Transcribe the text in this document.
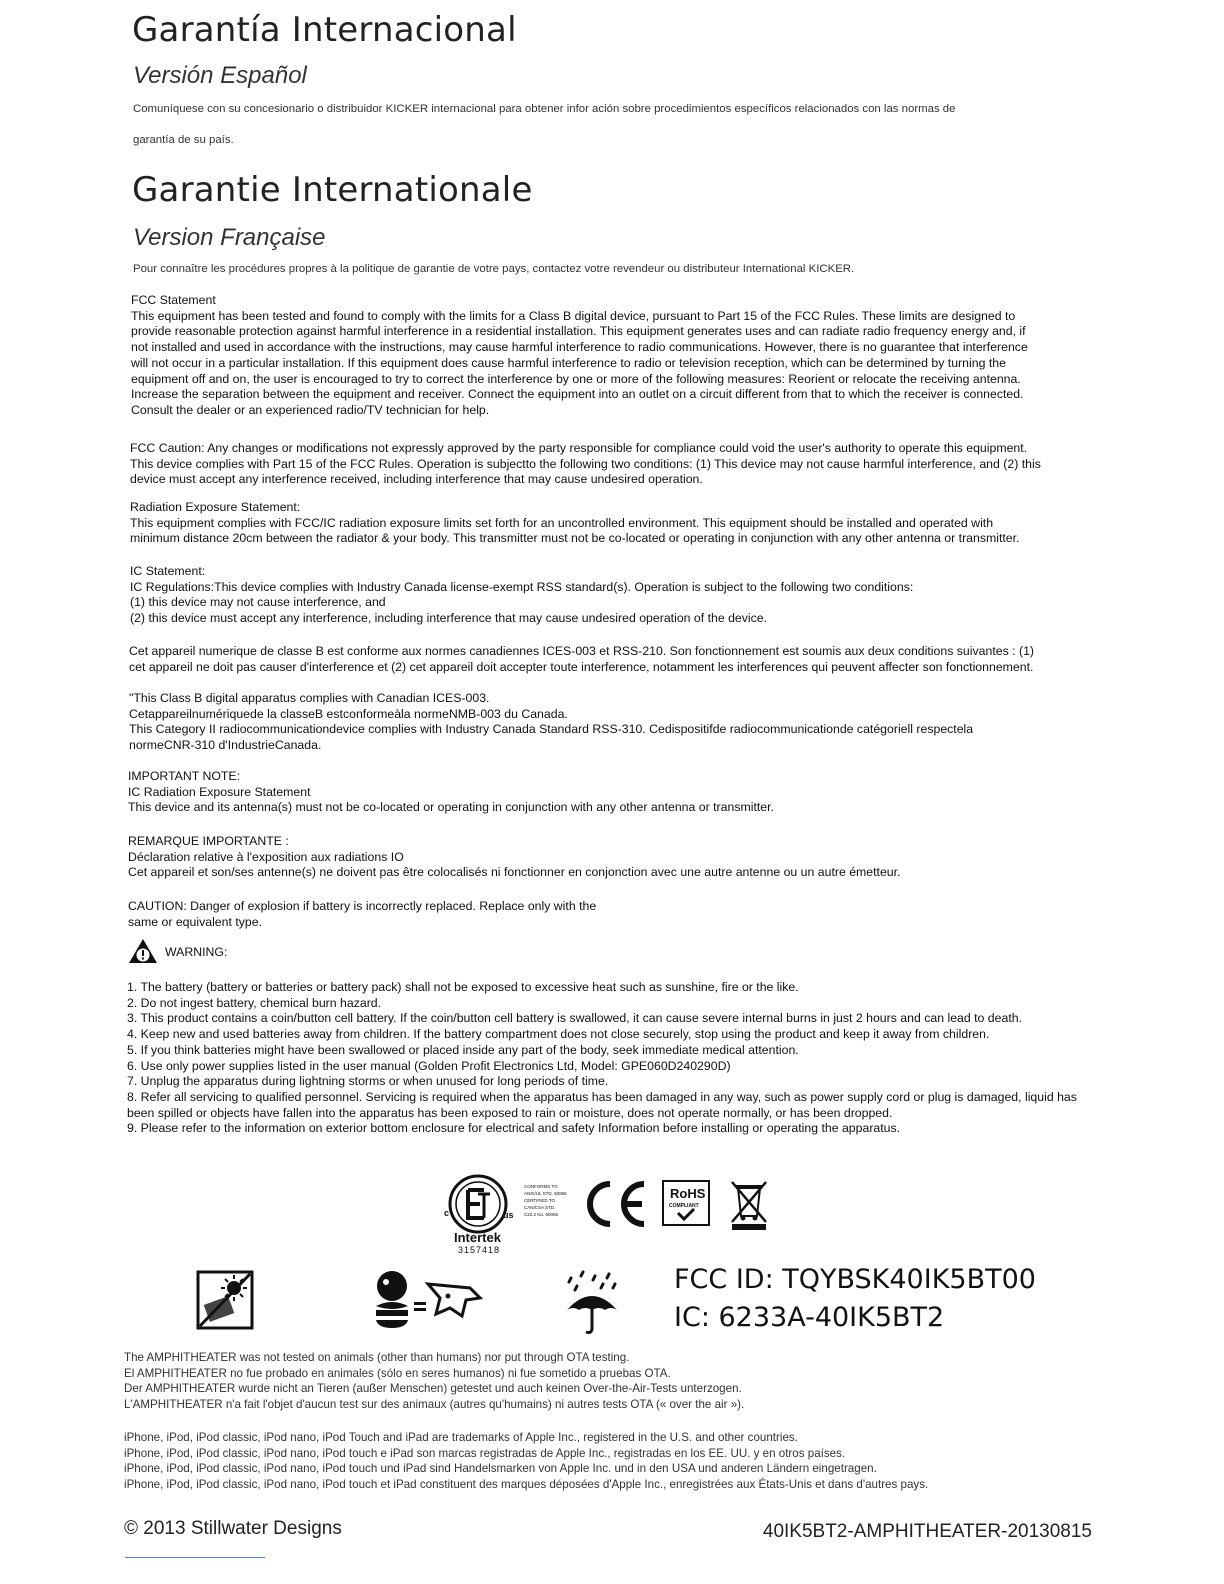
Garantía Internacional
Versión Español
Comuníquese con su concesionario o distribuidor KICKER internacional para obtener infor ación sobre procedimientos específicos relacionados con las normas de
garantía de su país.
Garantie Internationale
Version Française
Pour connaître les procédures propres à la politique de garantie de votre pays, contactez votre revendeur ou distributeur International KICKER.

FCC Statement

This equipment has been tested and found to comply with the limits for a Class B digital device, pursuant to Part 15 of the FCC Rules. These limits are designed to

provide reasonable protection against harmful interference in a residential installation. This equipment generates uses and can radiate radio frequency energy and, if

not installed and used in accordance with the instructions, may cause harmful interference to radio communications. However, there is no guarantee that interference

will not occur in a particular installation. If this equipment does cause harmful interference to radio or television reception, which can be determined by turning the

equipment off and on, the user is encouraged to try to correct the interference by one or more of the following measures: Reorient or relocate the receiving antenna.

Increase the separation between the equipment and receiver. Connect the equipment into an outlet on a circuit different from that to which the receiver is connected.

Consult the dealer or an experienced radio/TV technician for help.

FCC Caution: Any changes or modifications not expressly approved by the party responsible for compliance could void the user's authority to operate this equipment.

This device complies with Part 15 of the FCC Rules. Operation is subjectto the following two conditions: (1) This device may not cause harmful interference, and (2) this

device must accept any interference received, including interference that may cause undesired operation.

Radiation Exposure Statement:

This equipment complies with FCC/IC radiation exposure limits set forth for an uncontrolled environment. This equipment should be installed and operated with

minimum distance 20cm between the radiator & your body. This transmitter must not be co-located or operating in conjunction with any other antenna or transmitter.

IC Statement:

IC Regulations:This device complies with Industry Canada license-exempt RSS standard(s). Operation is subject to the following two conditions:

(1) this device may not cause interference, and

(2) this device must accept any interference, including interference that may cause undesired operation of the device.

Cet appareil numerique de classe B est conforme aux normes canadiennes ICES-003 et RSS-210. Son fonctionnement est soumis aux deux conditions suivantes : (1)

cet appareil ne doit pas causer d'interference et (2) cet appareil doit accepter toute interference, notamment les interferences qui peuvent affecter son fonctionnement.

"This Class B digital apparatus complies with Canadian ICES-003.

Cetappareilnumériquede la classeB estconformeàla normeNMB-003 du Canada.

This Category II radiocommunicationdevice complies with Industry Canada Standard RSS-310. Cedispositifde radiocommunicationde catégoriell respectela

normeCNR-310 d'IndustrieCanada.

IMPORTANT NOTE:

IC Radiation Exposure Statement

This device and its antenna(s) must not be co-located or operating in conjunction with any other antenna or transmitter.

REMARQUE IMPORTANTE :

Déclaration relative à l'exposition aux radiations IO

Cet appareil et son/ses antenne(s) ne doivent pas être colocalisés ni fonctionner en conjonction avec une autre antenne ou un autre émetteur.

CAUTION: Danger of explosion if battery is incorrectly replaced. Replace only with the

same or equivalent type.

WARNING:

1. The battery (battery or batteries or battery pack) shall not be exposed to excessive heat such as sunshine, fire or the like.

2. Do not ingest battery, chemical burn hazard.

3. This product contains a coin/button cell battery. If the coin/button cell battery is swallowed, it can cause severe internal burns in just 2 hours and can lead to death.

4. Keep new and used batteries away from children. If the battery compartment does not close securely, stop using the product and keep it away from children.

5. If you think batteries might have been swallowed or placed inside any part of the body, seek immediate medical attention.

6. Use only power supplies listed in the user manual (Golden Profit Electronics Ltd, Model: GPE060D240290D)

7. Unplug the apparatus during lightning storms or when unused for long periods of time.

8. Refer all servicing to qualified personnel. Servicing is required when the apparatus has been damaged in any way, such as power supply cord or plug is damaged, liquid has

been spilled or objects have fallen into the apparatus has been exposed to rain or moisture, does not operate normally, or has been dropped.

9. Please refer to the information on exterior bottom enclosure for electrical and safety Information before installing or operating the apparatus.

c	us
Intertek
3157418
CONFORMS TO
ANSI/UL STD. 60065
CERTIFIED TO
CAN/CSA STD.
C22.2 No. 60065
RoHS
COMPLIANT
FCC ID: TQYBSK40IK5BT00
IC: 6233A-40IK5BT2

The AMPHITHEATER was not tested on animals (other than humans) nor put through OTA testing.

El AMPHITHEATER no fue probado en animales (sólo en seres humanos) ni fue sometido a pruebas OTA.

Der AMPHITHEATER wurde nicht an Tieren (außer Menschen) getestet und auch keinen Over-the-Air-Tests unterzogen.

L'AMPHITHEATER n'a fait l'objet d'aucun test sur des animaux (autres qu'humains) ni autres tests OTA (« over the air »).

iPhone, iPod, iPod classic, iPod nano, iPod Touch and iPad are trademarks of Apple Inc., registered in the U.S. and other countries.

iPhone, iPod, iPod classic, iPod nano, iPod touch e iPad son marcas registradas de Apple Inc., registradas en los EE. UU. y en otros países.

iPhone, iPod, iPod classic, iPod nano, iPod touch und iPad sind Handelsmarken von Apple Inc. und in den USA und anderen Ländern eingetragen.

iPhone, iPod, iPod classic, iPod nano, iPod touch et iPad constituent des marques déposées d'Apple Inc., enregistrées aux États-Unis et dans d'autres pays.

© 2013 Stillwater Designs	40IK5BT2-AMPHITHEATER-20130815
